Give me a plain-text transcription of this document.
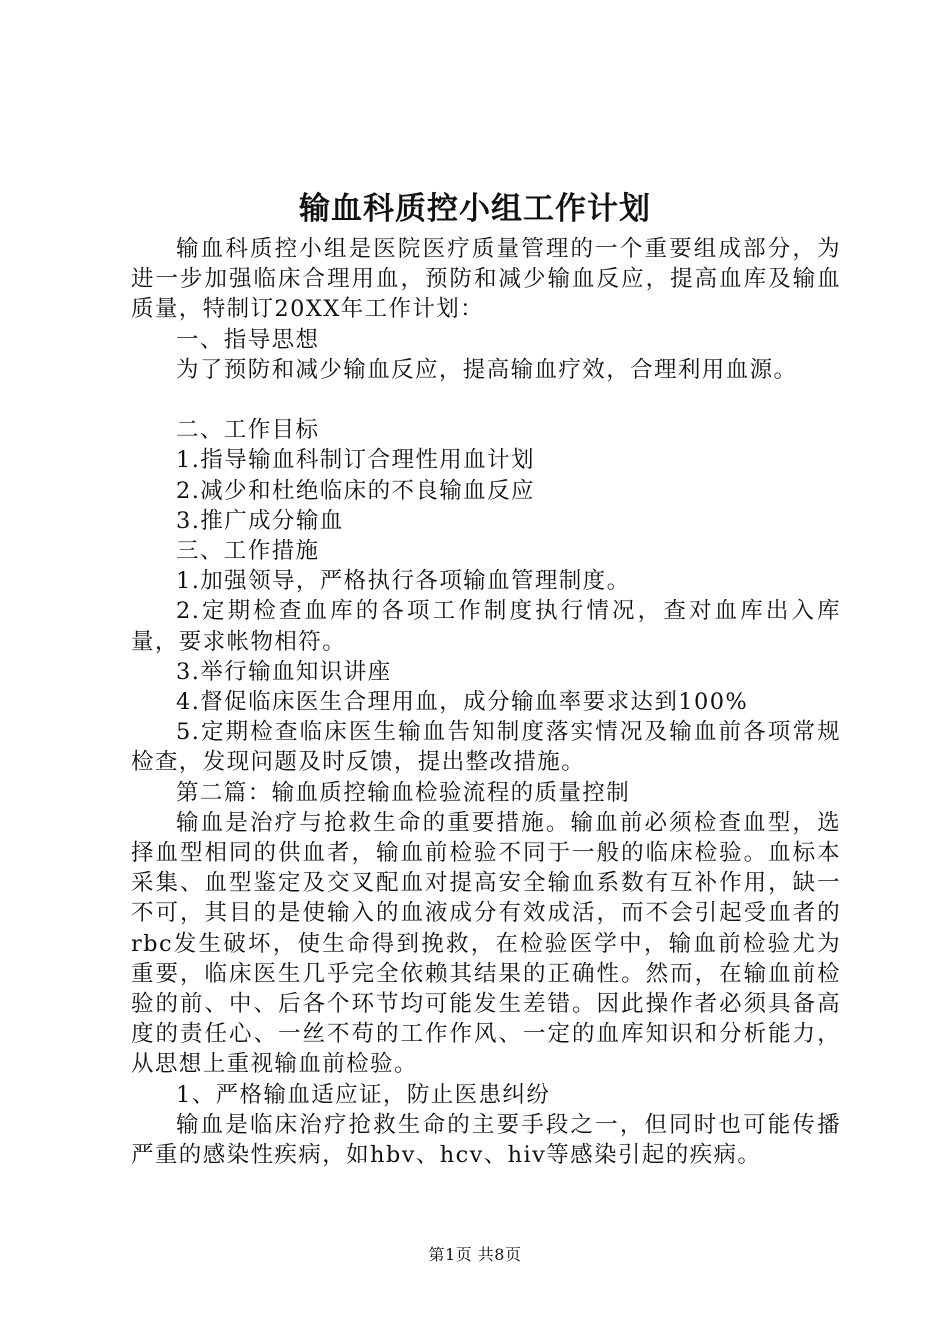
输血科质控小组工作计划

输血科质控小组是医院医疗质量管理的一个重要组成部分，为进一步加强临床合理用血，预防和减少输血反应，提高血库及输血质量，特制订20XX年工作计划：

一、指导思想

为了预防和减少输血反应，提高输血疗效，合理利用血源。

二、工作目标

1.指导输血科制订合理性用血计划

2.减少和杜绝临床的不良输血反应

3.推广成分输血

三、工作措施

1.加强领导，严格执行各项输血管理制度。

2.定期检查血库的各项工作制度执行情况，查对血库出入库量，要求帐物相符。

3.举行输血知识讲座

4.督促临床医生合理用血，成分输血率要求达到100%

5.定期检查临床医生输血告知制度落实情况及输血前各项常规检查，发现问题及时反馈，提出整改措施。

第二篇：输血质控输血检验流程的质量控制

输血是治疗与抢救生命的重要措施。输血前必须检查血型，选择血型相同的供血者，输血前检验不同于一般的临床检验。血标本采集、血型鉴定及交叉配血对提高安全输血系数有互补作用，缺一不可，其目的是使输入的血液成分有效成活，而不会引起受血者的rbc发生破坏，使生命得到挽救，在检验医学中，输血前检验尤为重要，临床医生几乎完全依赖其结果的正确性。然而，在输血前检验的前、中、后各个环节均可能发生差错。因此操作者必须具备高度的责任心、一丝不苟的工作作风、一定的血库知识和分析能力，从思想上重视输血前检验。

1、严格输血适应证，防止医患纠纷

输血是临床治疗抢救生命的主要手段之一，但同时也可能传播严重的感染性疾病，如hbv、hcv、hiv等感染引起的疾病。

第1页 共8页
